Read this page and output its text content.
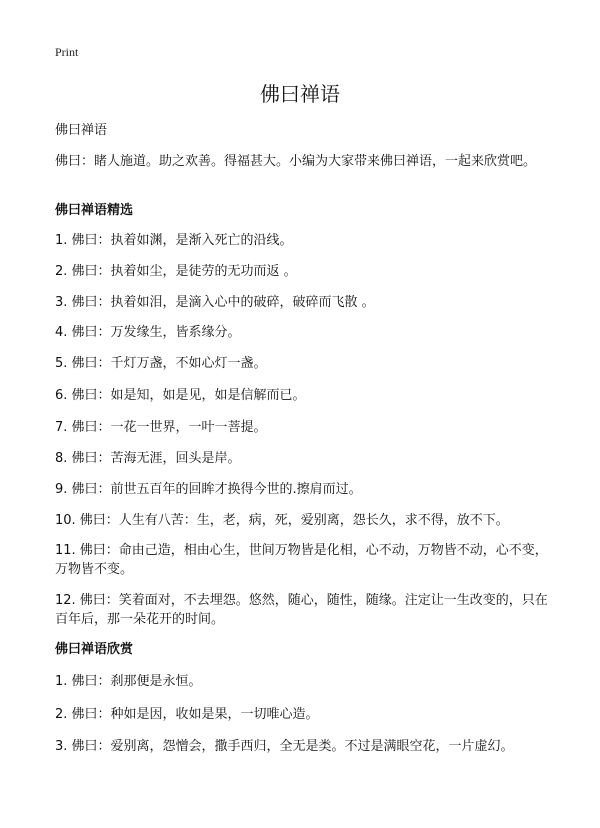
Print
佛曰禅语

佛曰禅语

佛曰：睹人施道。助之欢善。得福甚大。小编为大家带来佛曰禅语，一起来欣赏吧。

佛曰禅语精选

1. 佛曰：执着如渊，是渐入死亡的沿线。

2. 佛曰：执着如尘，是徒劳的无功而返 。

3. 佛曰：执着如泪，是滴入心中的破碎，破碎而飞散 。

4. 佛曰：万发缘生，皆系缘分。

5. 佛曰：千灯万盏，不如心灯一盏。

6. 佛曰：如是知，如是见，如是信解而已。

7. 佛曰：一花一世界，一叶一菩提。

8. 佛曰：苦海无涯，回头是岸。

9. 佛曰：前世五百年的回眸才换得今世的.擦肩而过。

10. 佛曰：人生有八苦：生，老，病，死，爱别离，怨长久，求不得，放不下。

11. 佛曰：命由己造，相由心生，世间万物皆是化相，心不动，万物皆不动，心不变，万物皆不变。

12. 佛曰：笑着面对，不去埋怨。悠然，随心，随性，随缘。注定让一生改变的，只在百年后，那一朵花开的时间。

佛曰禅语欣赏

1. 佛曰：刹那便是永恒。

2. 佛曰：种如是因，收如是果，一切唯心造。

3. 佛曰：爱别离，怨憎会，撒手西归，全无是类。不过是满眼空花，一片虚幻。
